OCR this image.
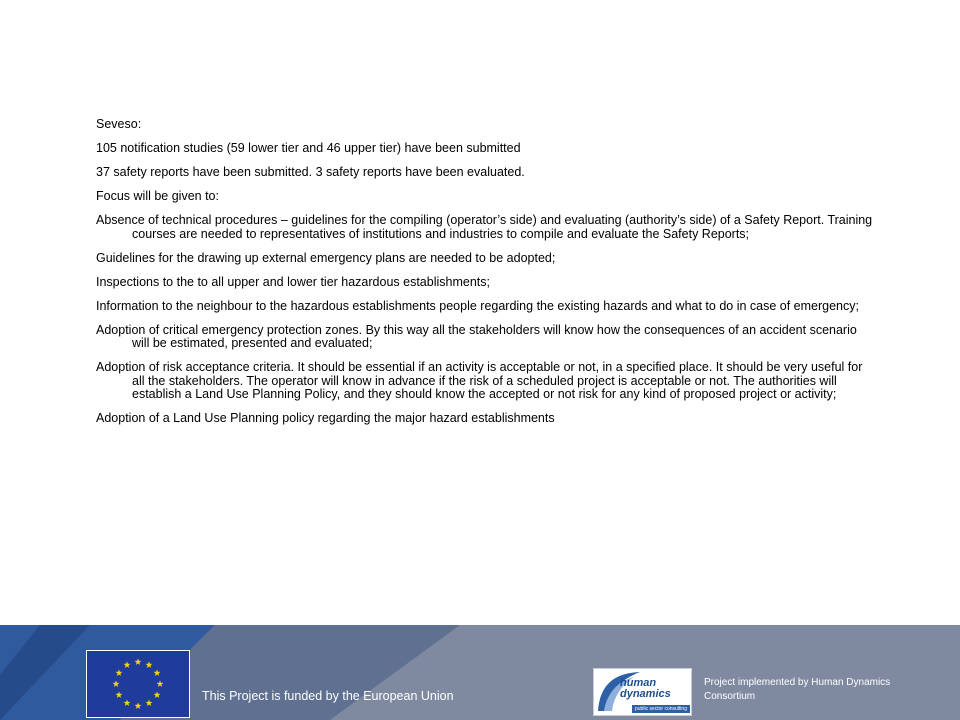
Seveso:

105 notification studies (59 lower tier and 46 upper tier) have been submitted

37 safety reports have been submitted. 3 safety reports have been evaluated.

Focus will be given to:

Absence of technical procedures – guidelines for the compiling (operator’s side) and evaluating (authority’s side) of a Safety Report. Training courses are needed to representatives of institutions and industries to compile and evaluate the Safety Reports;

Guidelines for the drawing up external emergency plans are needed to be adopted;

Inspections to the to all upper and lower tier hazardous establishments;

Information to the neighbour to the hazardous establishments people regarding the existing hazards and what to do in case of emergency;

Adoption of critical emergency protection zones. By this way all the stakeholders will know how the consequences of an accident scenario will be estimated, presented and evaluated;

Adoption of risk acceptance criteria. It should be essential if an activity is acceptable or not, in a specified place. It should be very useful for all the stakeholders. The operator will know in advance if the risk of a scheduled project is acceptable or not. The authorities will establish a Land Use Planning Policy, and they should know the accepted or not risk for any kind of proposed project or activity;

Adoption of a Land Use Planning policy regarding the major hazard establishments

This Project is funded by the European Union
human
dynamics
public sector consulting
Project implemented by Human Dynamics Consortium
